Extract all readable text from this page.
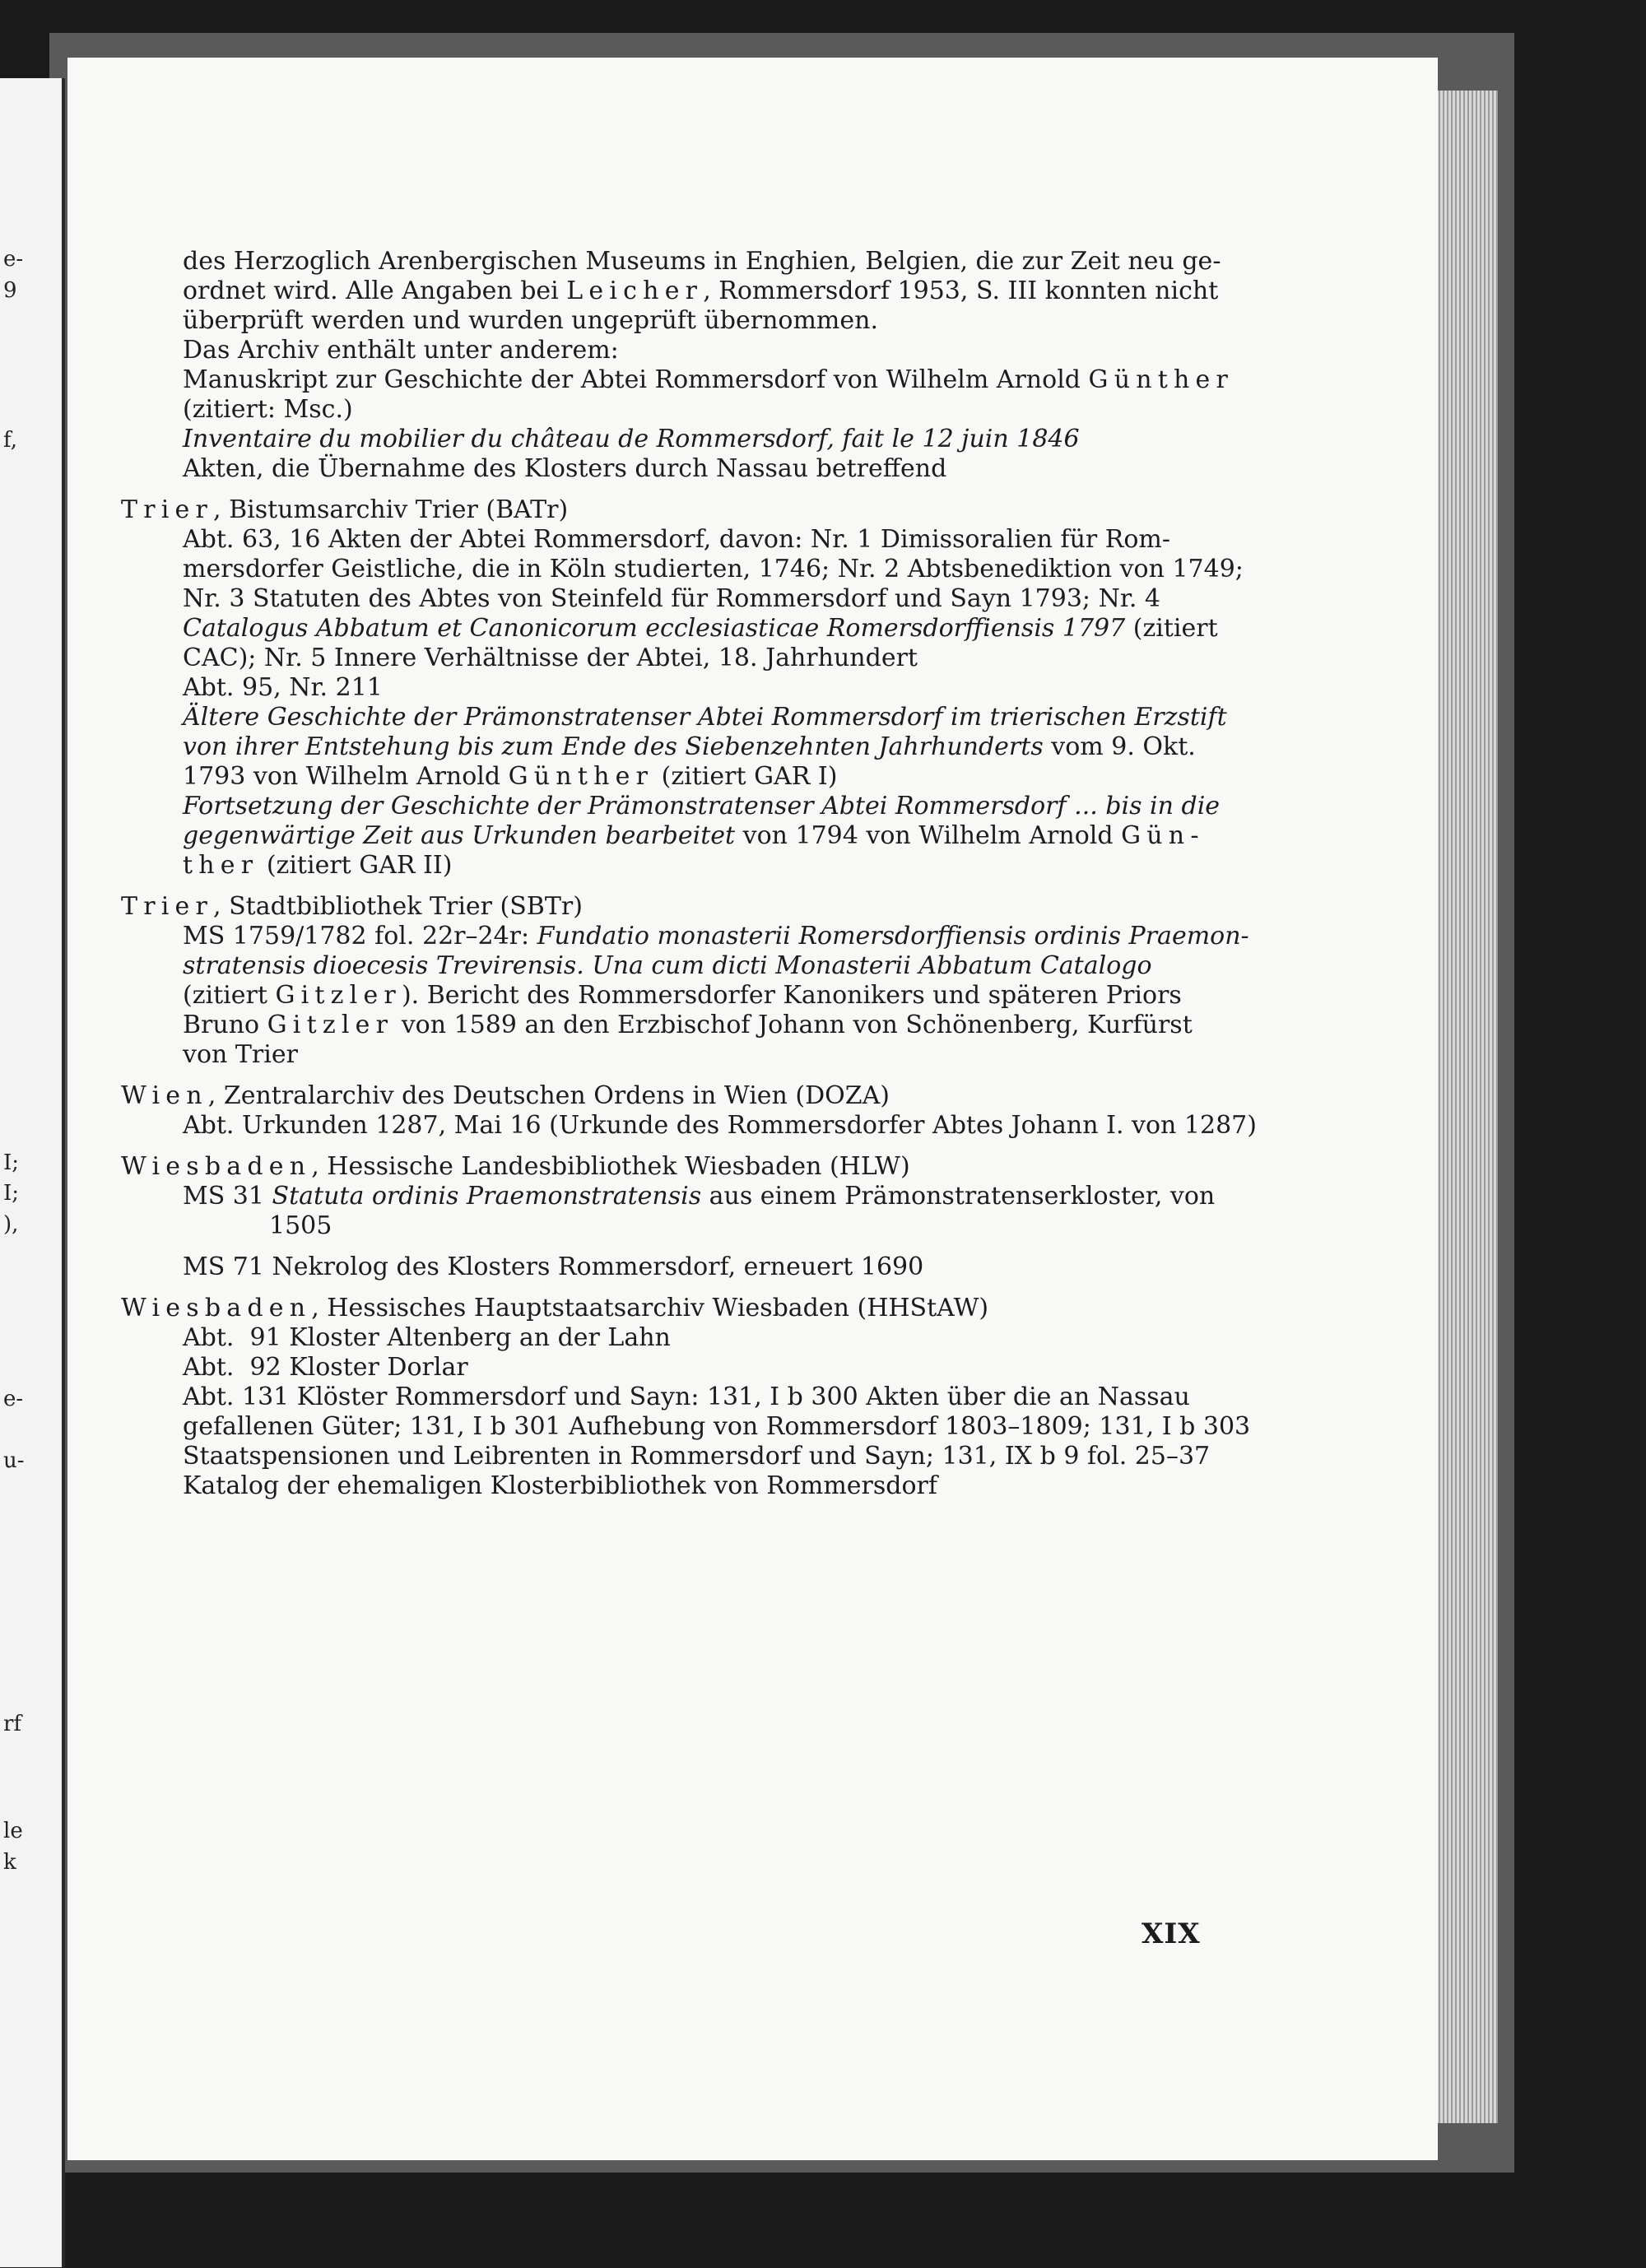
e-
9
f,
I;
I;
),
e-
u-
rf
le
k
des Herzoglich Arenbergischen Museums in Enghien, Belgien, die zur Zeit neu ge-
ordnet wird. Alle Angaben bei Leicher, Rommersdorf 1953, S. III konnten nicht
überprüft werden und wurden ungeprüft übernommen.
Das Archiv enthält unter anderem:
Manuskript zur Geschichte der Abtei Rommersdorf von Wilhelm Arnold Günther
(zitiert: Msc.)
Inventaire du mobilier du château de Rommersdorf, fait le 12 juin 1846
Akten, die Übernahme des Klosters durch Nassau betreffend
Trier, Bistumsarchiv Trier (BATr)
Abt. 63, 16 Akten der Abtei Rommersdorf, davon: Nr. 1 Dimissoralien für Rom-
mersdorfer Geistliche, die in Köln studierten, 1746; Nr. 2 Abtsbenediktion von 1749;
Nr. 3 Statuten des Abtes von Steinfeld für Rommersdorf und Sayn 1793; Nr. 4
Catalogus Abbatum et Canonicorum ecclesiasticae Romersdorffiensis 1797 (zitiert
CAC); Nr. 5 Innere Verhältnisse der Abtei, 18. Jahrhundert
Abt. 95, Nr. 211
Ältere Geschichte der Prämonstratenser Abtei Rommersdorf im trierischen Erzstift
von ihrer Entstehung bis zum Ende des Siebenzehnten Jahrhunderts vom 9. Okt.
1793 von Wilhelm Arnold Günther (zitiert GAR I)
Fortsetzung der Geschichte der Prämonstratenser Abtei Rommersdorf ... bis in die
gegenwärtige Zeit aus Urkunden bearbeitet von 1794 von Wilhelm Arnold Gün-
ther (zitiert GAR II)
Trier, Stadtbibliothek Trier (SBTr)
MS 1759/1782 fol. 22r–24r: Fundatio monasterii Romersdorffiensis ordinis Praemon-
stratensis dioecesis Trevirensis. Una cum dicti Monasterii Abbatum Catalogo
(zitiert Gitzler). Bericht des Rommersdorfer Kanonikers und späteren Priors
Bruno Gitzler von 1589 an den Erzbischof Johann von Schönenberg, Kurfürst
von Trier
Wien, Zentralarchiv des Deutschen Ordens in Wien (DOZA)
Abt. Urkunden 1287, Mai 16 (Urkunde des Rommersdorfer Abtes Johann I. von 1287)
Wiesbaden, Hessische Landesbibliothek Wiesbaden (HLW)
MS 31 Statuta ordinis Praemonstratensis aus einem Prämonstratenserkloster, von
1505
MS 71 Nekrolog des Klosters Rommersdorf, erneuert 1690
Wiesbaden, Hessisches Hauptstaatsarchiv Wiesbaden (HHStAW)
Abt.  91 Kloster Altenberg an der Lahn
Abt.  92 Kloster Dorlar
Abt. 131 Klöster Rommersdorf und Sayn: 131, I b 300 Akten über die an Nassau
gefallenen Güter; 131, I b 301 Aufhebung von Rommersdorf 1803–1809; 131, I b 303
Staatspensionen und Leibrenten in Rommersdorf und Sayn; 131, IX b 9 fol. 25–37
Katalog der ehemaligen Klosterbibliothek von Rommersdorf
XIX
